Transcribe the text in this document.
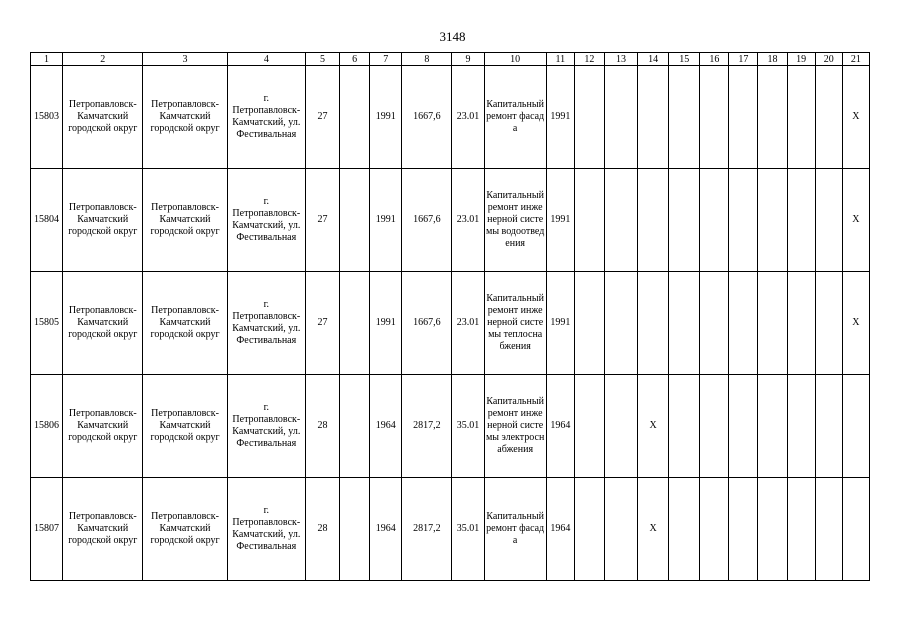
3148
1	2	3	4	5	6	7	8	9	10	11	12	13	14	15	16	17	18	19	20	21
15803	Петропавловск-Камчатский городской округ	Петропавловск-Камчатский городской округ	г. Петропавловск-Камчатский, ул. Фестивальная	27		1991	1667,6	23.01	Капитальный ремонт фасада	1991										X
15804	Петропавловск-Камчатский городской округ	Петропавловск-Камчатский городской округ	г. Петропавловск-Камчатский, ул. Фестивальная	27		1991	1667,6	23.01	Капитальный ремонт инженерной системы водоотведения	1991										X
15805	Петропавловск-Камчатский городской округ	Петропавловск-Камчатский городской округ	г. Петропавловск-Камчатский, ул. Фестивальная	27		1991	1667,6	23.01	Капитальный ремонт инженерной системы теплоснабжения	1991										X
15806	Петропавловск-Камчатский городской округ	Петропавловск-Камчатский городской округ	г. Петропавловск-Камчатский, ул. Фестивальная	28		1964	2817,2	35.01	Капитальный ремонт инженерной системы электроснабжения	1964			X							
15807	Петропавловск-Камчатский городской округ	Петропавловск-Камчатский городской округ	г. Петропавловск-Камчатский, ул. Фестивальная	28		1964	2817,2	35.01	Капитальный ремонт фасада	1964			X							
